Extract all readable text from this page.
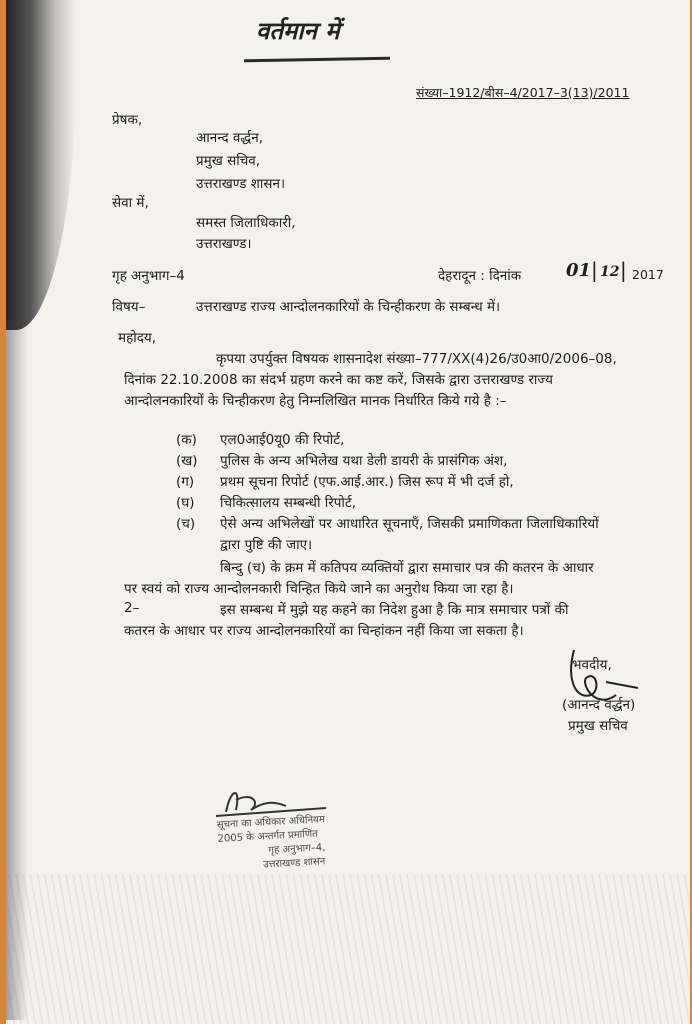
वर्तमान में
संख्या–1912/बीस–4/2017–3(13)/2011
प्रेषक,
आनन्द वर्द्धन,
प्रमुख सचिव,
उत्तराखण्ड शासन।
सेवा में,
समस्त जिलाधिकारी,
उत्तराखण्ड।
गृह अनुभाग–4	देहरादून : दिनांक 01 | 12 | 2017
विषय–	उत्तराखण्ड राज्य आन्दोलनकारियों के चिन्हीकरण के सम्बन्ध में।
महोदय,
कृपया उपर्युक्त विषयक शासनादेश संख्या–777/XX(4)26/उ0आ0/2006–08,
दिनांक 22.10.2008 का संदर्भ ग्रहण करने का कष्ट करें, जिसके द्वारा उत्तराखण्ड राज्य
आन्दोलनकारियों के चिन्हीकरण हेतु निम्नलिखित मानक निर्धारित किये गये है :–
(क) एल0आई0यू0 की रिपोर्ट,
(ख) पुलिस के अन्य अभिलेख यथा डेली डायरी के प्रासंगिक अंश,
(ग) प्रथम सूचना रिपोर्ट (एफ.आई.आर.) जिस रूप में भी दर्ज हो,
(घ) चिकित्सालय सम्बन्धी रिपोर्ट,
(च) ऐसे अन्य अभिलेखों पर आधारित सूचनाएँ, जिसकी प्रमाणिकता जिलाधिकारियों
द्वारा पुष्टि की जाए।
बिन्दु (च) के क्रम में कतिपय व्यक्तियों द्वारा समाचार पत्र की कतरन के आधार
पर स्वयं को राज्य आन्दोलनकारी चिन्हित किये जाने का अनुरोध किया जा रहा है।
2–	इस सम्बन्ध में मुझे यह कहने का निदेश हुआ है कि मात्र समाचार पत्रों की
कतरन के आधार पर राज्य आन्दोलनकारियों का चिन्हांकन नहीं किया जा सकता है।
भवदीय,
(आनन्द वर्द्धन)
प्रमुख सचिव
सूचना का अधिकार अधिनियम
2005 के अन्तर्गत प्रमाणित
गृह अनुभाग–4,
उत्तराखण्ड शासन
